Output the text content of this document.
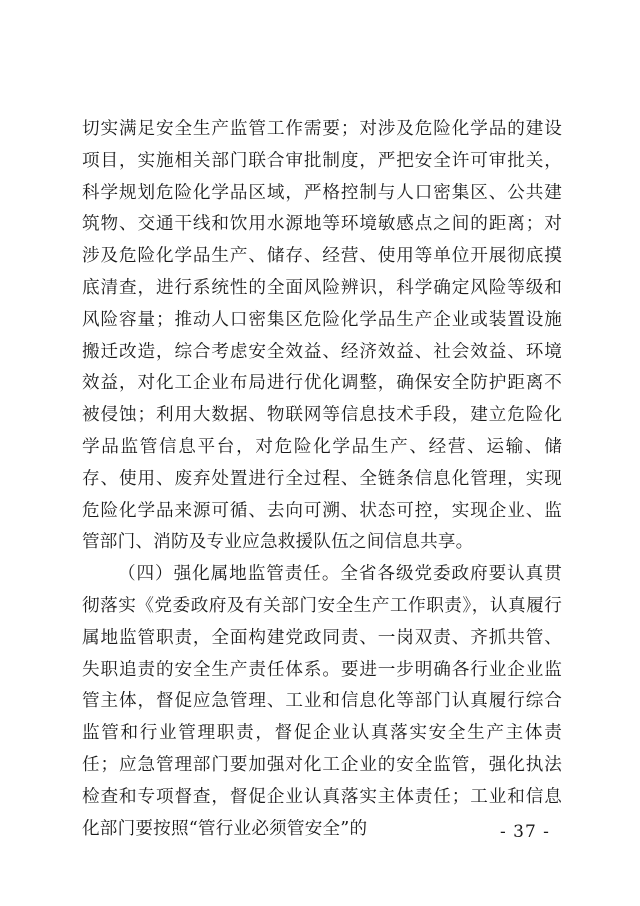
切实满足安全生产监管工作需要；对涉及危险化学品的建设项目，实施相关部门联合审批制度，严把安全许可审批关，科学规划危险化学品区域，严格控制与人口密集区、公共建筑物、交通干线和饮用水源地等环境敏感点之间的距离；对涉及危险化学品生产、储存、经营、使用等单位开展彻底摸底清查，进行系统性的全面风险辨识，科学确定风险等级和风险容量；推动人口密集区危险化学品生产企业或装置设施搬迁改造，综合考虑安全效益、经济效益、社会效益、环境效益，对化工企业布局进行优化调整，确保安全防护距离不被侵蚀；利用大数据、物联网等信息技术手段，建立危险化学品监管信息平台，对危险化学品生产、经营、运输、储存、使用、废弃处置进行全过程、全链条信息化管理，实现危险化学品来源可循、去向可溯、状态可控，实现企业、监管部门、消防及专业应急救援队伍之间信息共享。

（四）强化属地监管责任。全省各级党委政府要认真贯彻落实《党委政府及有关部门安全生产工作职责》，认真履行属地监管职责，全面构建党政同责、一岗双责、齐抓共管、失职追责的安全生产责任体系。要进一步明确各行业企业监管主体，督促应急管理、工业和信息化等部门认真履行综合监管和行业管理职责，督促企业认真落实安全生产主体责任；应急管理部门要加强对化工企业的安全监管，强化执法检查和专项督查，督促企业认真落实主体责任；工业和信息化部门要按照“管行业必须管安全”的	- 37 -
